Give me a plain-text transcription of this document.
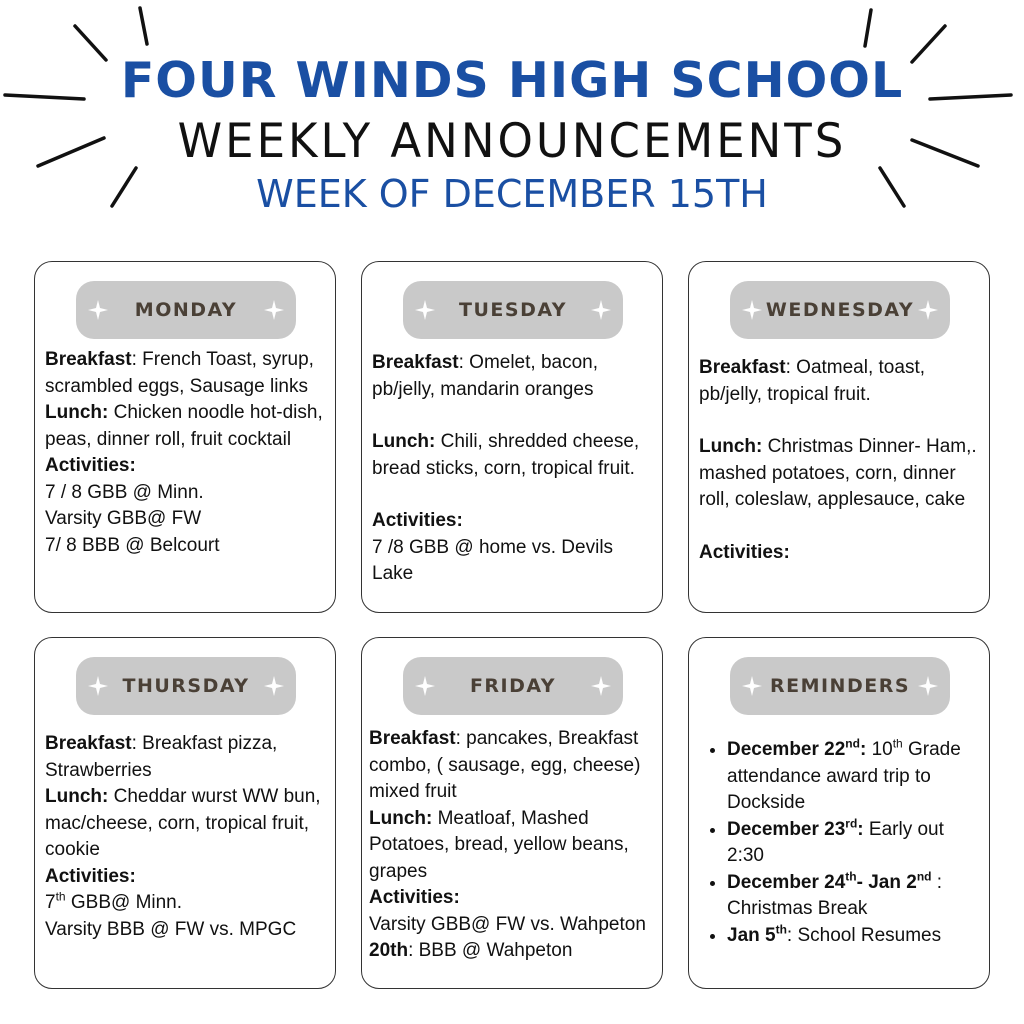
FOUR WINDS HIGH SCHOOL
WEEKLY ANNOUNCEMENTS
WEEK OF DECEMBER 15TH
MONDAY
Breakfast: French Toast, syrup, scrambled eggs, Sausage links
Lunch: Chicken noodle hot-dish, peas, dinner roll, fruit cocktail
Activities:
7 / 8 GBB @ Minn.
Varsity GBB@ FW
7/ 8 BBB @ Belcourt
TUESDAY
Breakfast: Omelet, bacon, pb/jelly, mandarin oranges
Lunch: Chili, shredded cheese, bread sticks, corn, tropical fruit.
Activities:
7 /8 GBB @ home vs. Devils Lake
WEDNESDAY
Breakfast: Oatmeal, toast, pb/jelly, tropical fruit.
Lunch: Christmas Dinner- Ham,. mashed potatoes, corn, dinner roll, coleslaw, applesauce, cake
Activities:
THURSDAY
Breakfast: Breakfast pizza, Strawberries
Lunch: Cheddar wurst WW bun, mac/cheese, corn, tropical fruit, cookie
Activities:
7th GBB@ Minn.
Varsity BBB @ FW vs. MPGC
FRIDAY
Breakfast: pancakes, Breakfast combo, ( sausage, egg, cheese) mixed fruit
Lunch: Meatloaf, Mashed Potatoes, bread, yellow beans, grapes
Activities:
Varsity GBB@ FW vs. Wahpeton
20th: BBB @ Wahpeton
REMINDERS
• December 22nd: 10th Grade attendance award trip to Dockside
• December 23rd: Early out 2:30
• December 24th- Jan 2nd : Christmas Break
• Jan 5th: School Resumes
